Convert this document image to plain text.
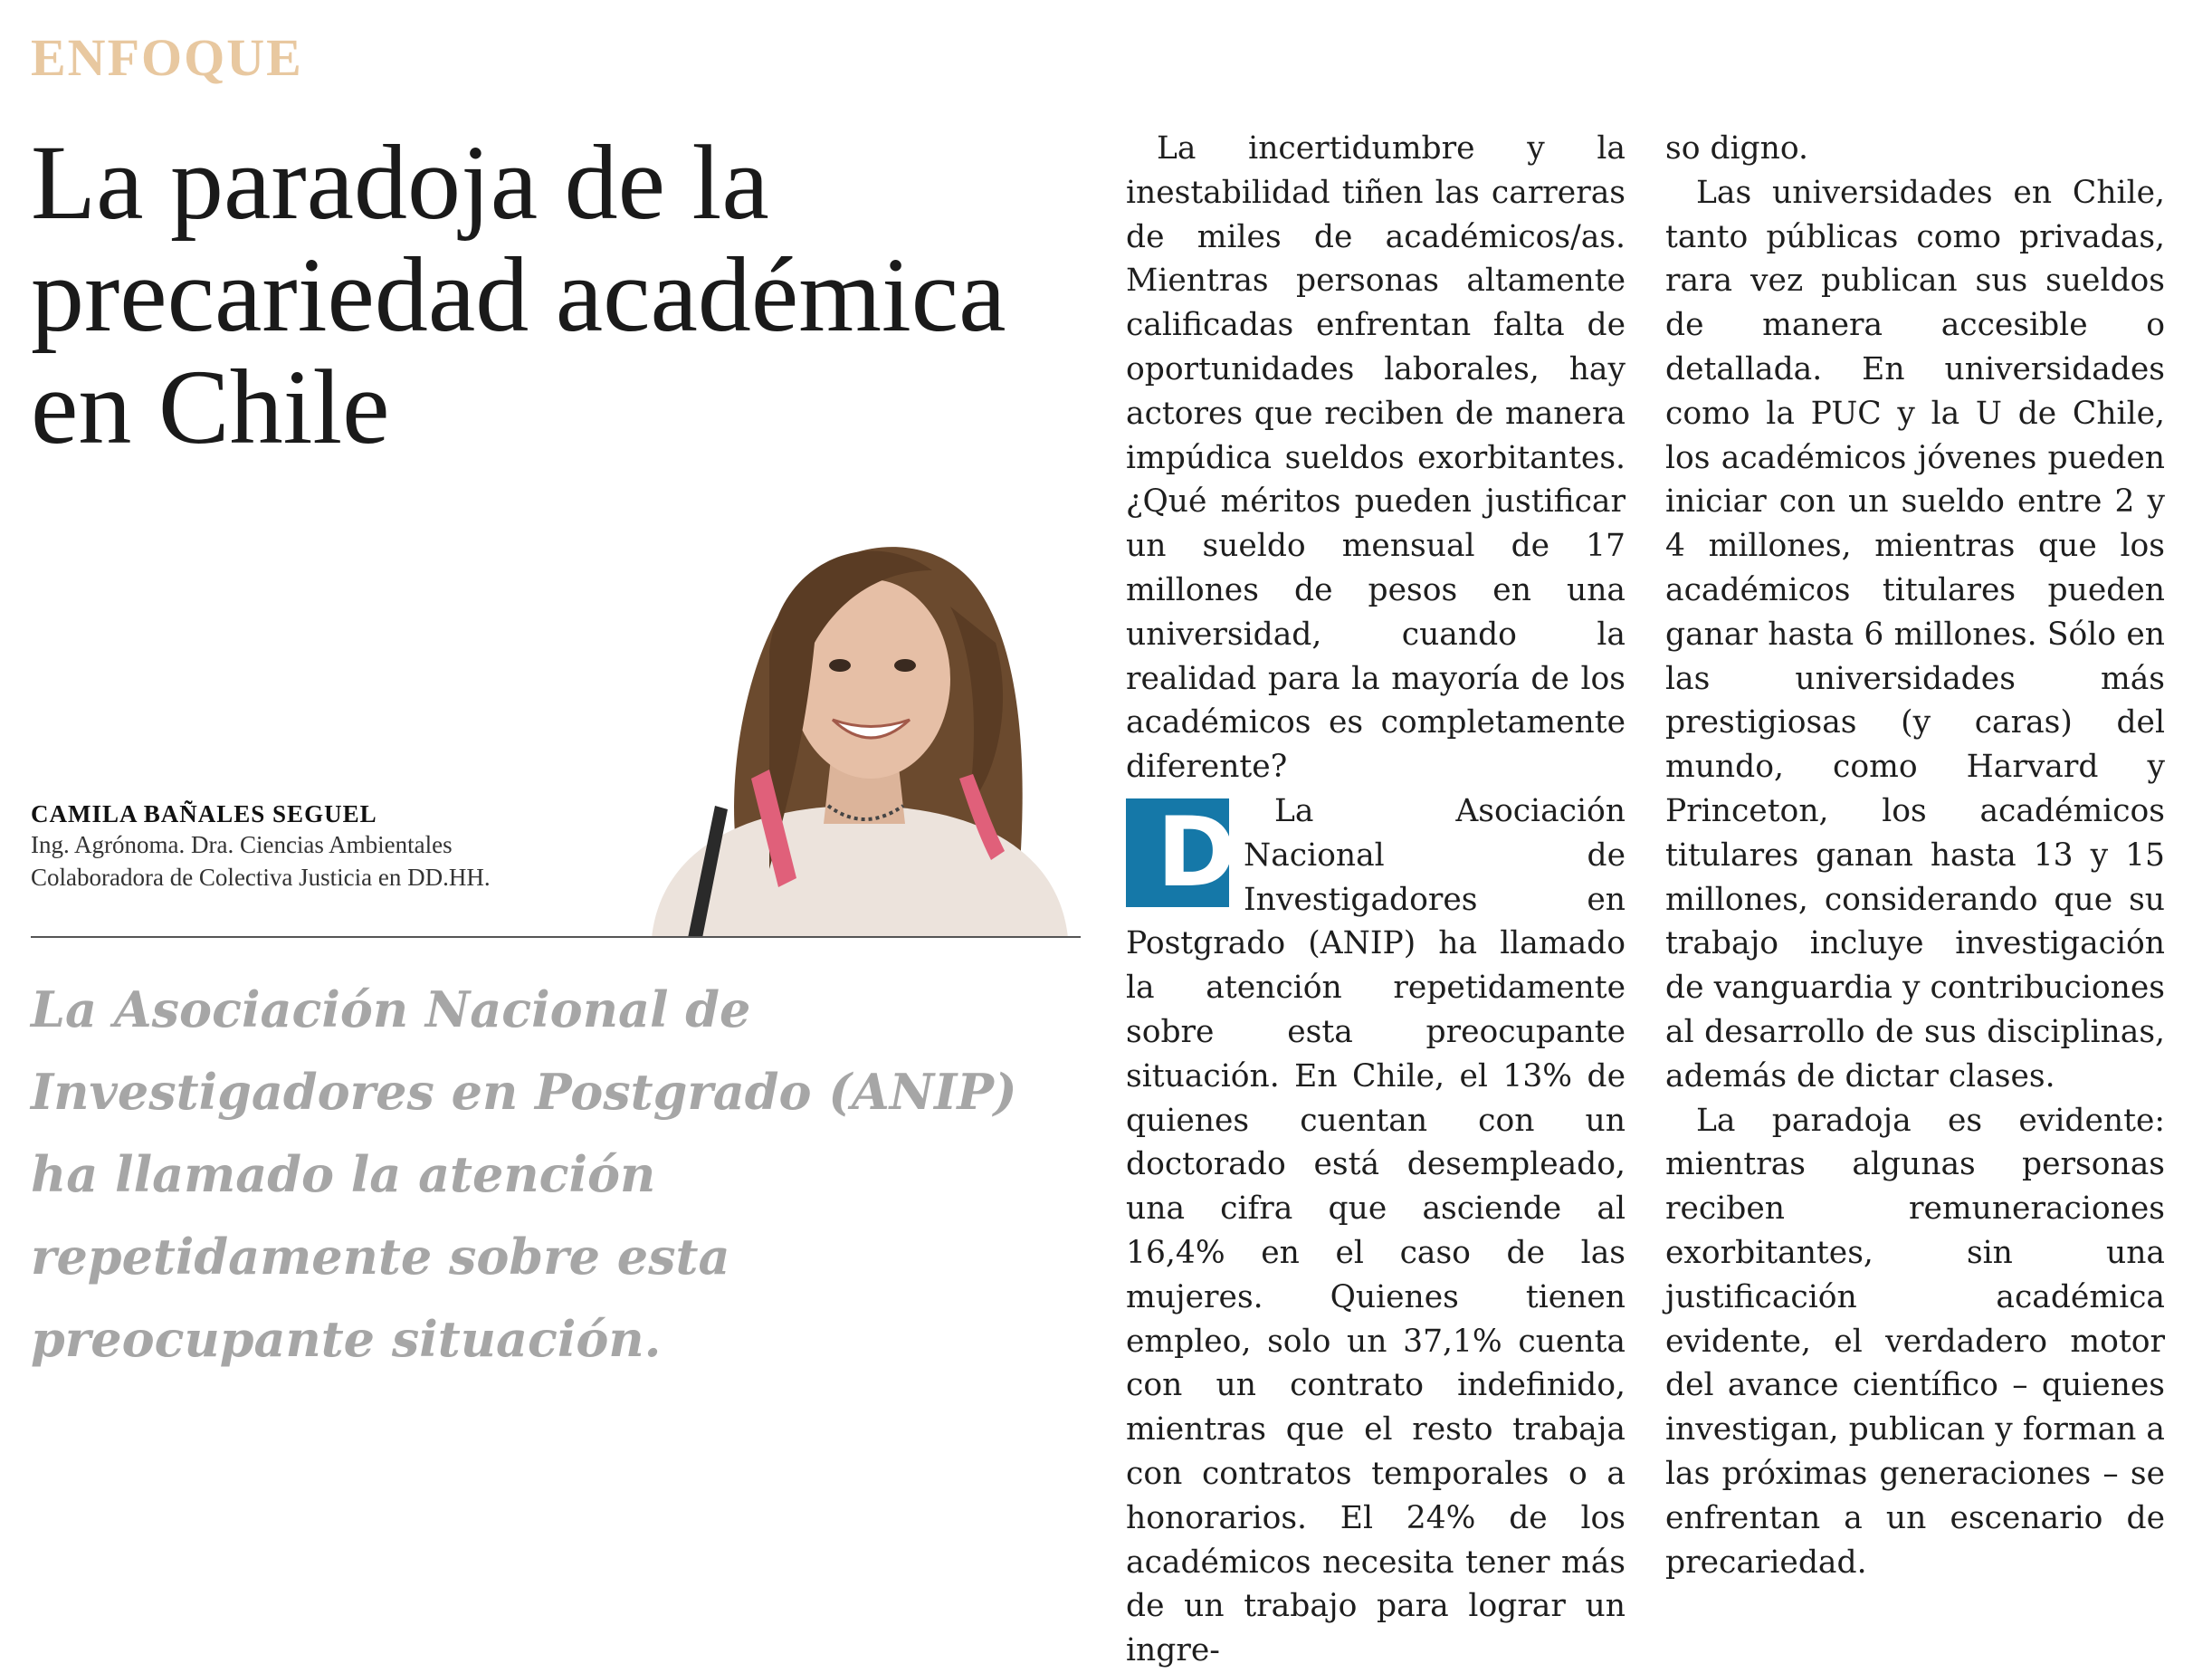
ENFOQUE
La paradoja de la
precariedad académica
en Chile
CAMILA BAÑALES SEGUEL
Ing. Agrónoma. Dra. Ciencias Ambientales
Colaboradora de Colectiva Justicia en DD.HH.

La Asociación Nacional de Investigadores en Postgrado (ANIP) ha llamado la atención repetidamente sobre esta preocupante situación.

La incertidumbre y la inestabilidad tiñen las carreras de miles de académicos/as. Mientras personas altamente calificadas enfrentan falta de oportunidades laborales, hay actores que reciben de manera impúdica sueldos exorbitantes. ¿Qué méritos pueden justificar un sueldo mensual de 17 millones de pesos en una universidad, cuando la realidad para la mayoría de los académicos es completamente diferente?

D La Asociación Nacional de Investigadores en Postgrado (ANIP) ha llamado la atención repetidamente sobre esta preocupante situación. En Chile, el 13% de quienes cuentan con un doctorado está desempleado, una cifra que asciende al 16,4% en el caso de las mujeres. Quienes tienen empleo, solo un 37,1% cuenta con un contrato indefinido, mientras que el resto trabaja con contratos temporales o a honorarios. El 24% de los académicos necesita tener más de un trabajo para lograr un ingre-

so digno.

Las universidades en Chile, tanto públicas como privadas, rara vez publican sus sueldos de manera accesible o detallada. En universidades como la PUC y la U de Chile, los académicos jóvenes pueden iniciar con un sueldo entre 2 y 4 millones, mientras que los académicos titulares pueden ganar hasta 6 millones. Sólo en las universidades más prestigiosas (y caras) del mundo, como Harvard y Princeton, los académicos titulares ganan hasta 13 y 15 millones, considerando que su trabajo incluye investigación de vanguardia y contribuciones al desarrollo de sus disciplinas, además de dictar clases.

La paradoja es evidente: mientras algunas personas reciben remuneraciones exorbitantes, sin una justificación académica evidente, el verdadero motor del avance científico – quienes investigan, publican y forman a las próximas generaciones – se enfrentan a un escenario de precariedad.
